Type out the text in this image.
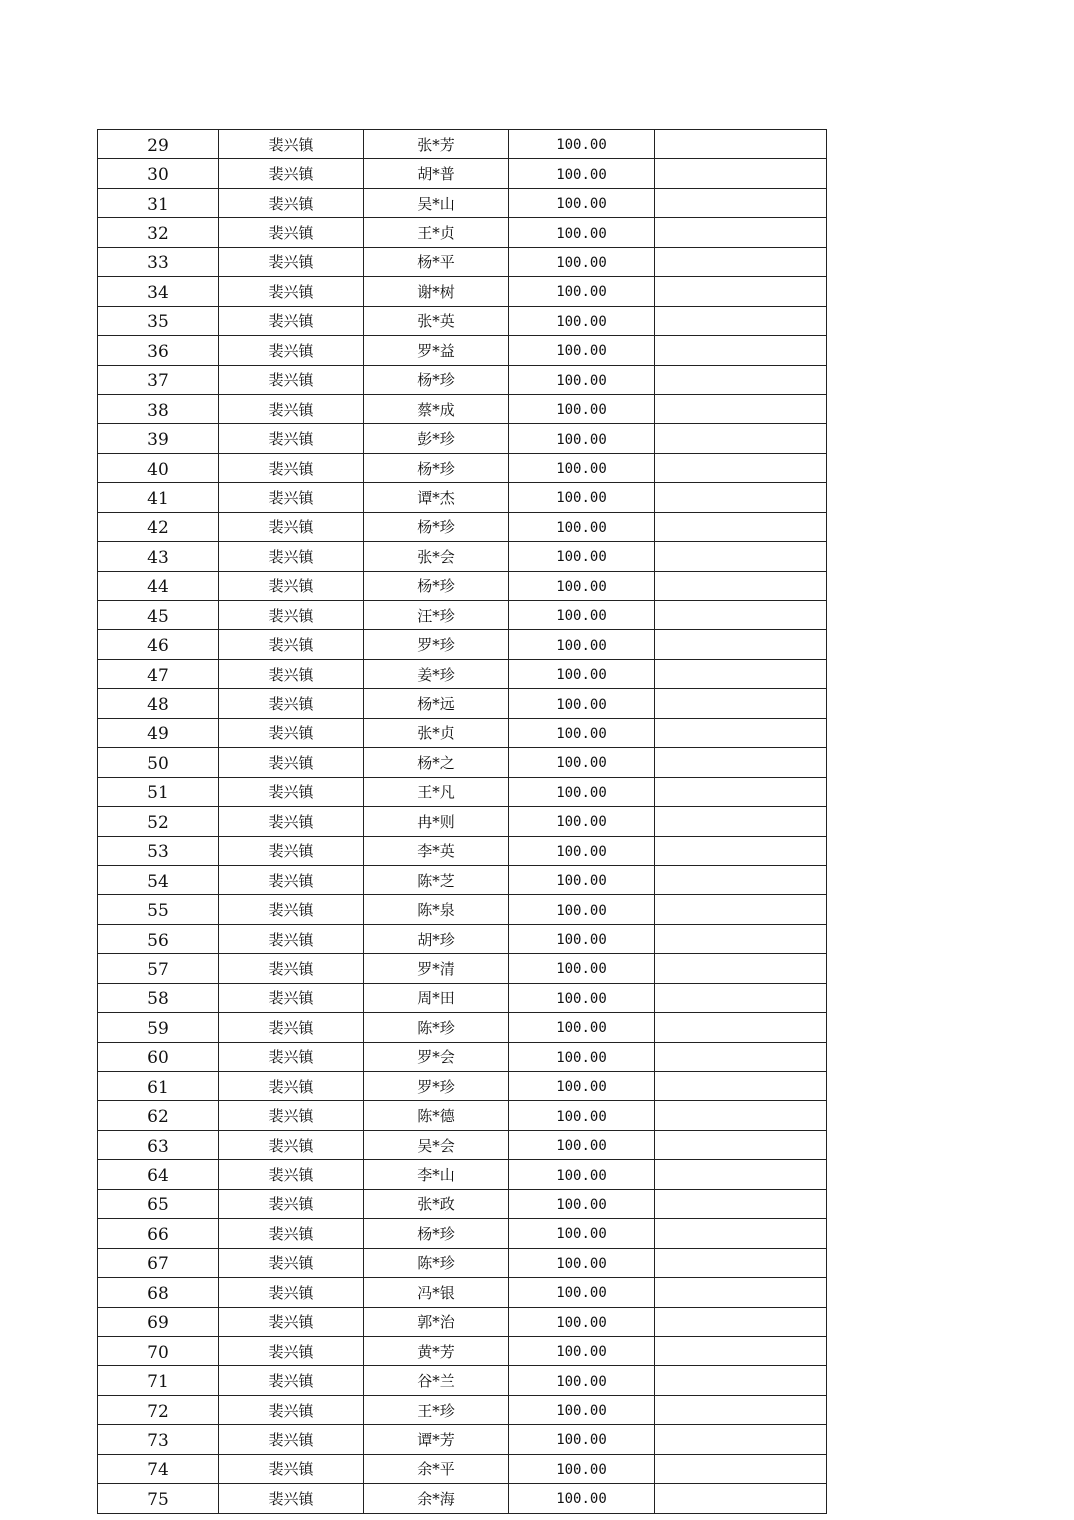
29	裴兴镇	张*芳	100.00	
30	裴兴镇	胡*普	100.00	
31	裴兴镇	吴*山	100.00	
32	裴兴镇	王*贞	100.00	
33	裴兴镇	杨*平	100.00	
34	裴兴镇	谢*树	100.00	
35	裴兴镇	张*英	100.00	
36	裴兴镇	罗*益	100.00	
37	裴兴镇	杨*珍	100.00	
38	裴兴镇	蔡*成	100.00	
39	裴兴镇	彭*珍	100.00	
40	裴兴镇	杨*珍	100.00	
41	裴兴镇	谭*杰	100.00	
42	裴兴镇	杨*珍	100.00	
43	裴兴镇	张*会	100.00	
44	裴兴镇	杨*珍	100.00	
45	裴兴镇	汪*珍	100.00	
46	裴兴镇	罗*珍	100.00	
47	裴兴镇	姜*珍	100.00	
48	裴兴镇	杨*远	100.00	
49	裴兴镇	张*贞	100.00	
50	裴兴镇	杨*之	100.00	
51	裴兴镇	王*凡	100.00	
52	裴兴镇	冉*则	100.00	
53	裴兴镇	李*英	100.00	
54	裴兴镇	陈*芝	100.00	
55	裴兴镇	陈*泉	100.00	
56	裴兴镇	胡*珍	100.00	
57	裴兴镇	罗*清	100.00	
58	裴兴镇	周*田	100.00	
59	裴兴镇	陈*珍	100.00	
60	裴兴镇	罗*会	100.00	
61	裴兴镇	罗*珍	100.00	
62	裴兴镇	陈*德	100.00	
63	裴兴镇	吴*会	100.00	
64	裴兴镇	李*山	100.00	
65	裴兴镇	张*政	100.00	
66	裴兴镇	杨*珍	100.00	
67	裴兴镇	陈*珍	100.00	
68	裴兴镇	冯*银	100.00	
69	裴兴镇	郭*治	100.00	
70	裴兴镇	黄*芳	100.00	
71	裴兴镇	谷*兰	100.00	
72	裴兴镇	王*珍	100.00	
73	裴兴镇	谭*芳	100.00	
74	裴兴镇	余*平	100.00	
75	裴兴镇	余*海	100.00	
